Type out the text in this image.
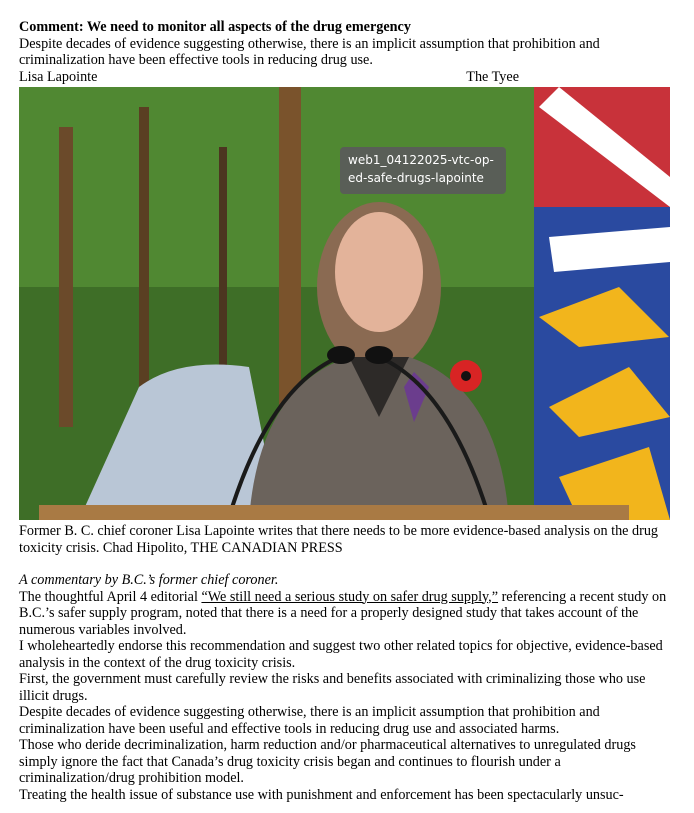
Comment: We need to monitor all aspects of the drug emergency

Despite decades of evidence suggesting otherwise, there is an implicit assumption that prohibition and criminalization have been effective tools in reducing drug use.

Lisa Lapointe	The Tyee
web1_04122025-vtc-op-ed-safe-drugs-lapointe

Former B. C. chief coroner Lisa Lapointe writes that there needs to be more evidence-based analysis on the drug toxicity crisis. Chad Hipolito, THE CANADIAN PRESS

A commentary by B.C.’s former chief coroner.

The thoughtful April 4 editorial “We still need a serious study on safer drug supply,” referencing a recent study on B.C.’s safer supply program, noted that there is a need for a properly designed study that takes account of the numerous variables involved.

I wholeheartedly endorse this recommendation and suggest two other related topics for objective, evidence-based analysis in the context of the drug toxicity crisis.

First, the government must carefully review the risks and benefits associated with criminalizing those who use illicit drugs.

Despite decades of evidence suggesting otherwise, there is an implicit assumption that prohibition and criminalization have been useful and effective tools in reducing drug use and associated harms.

Those who deride decriminalization, harm reduction and/or pharmaceutical alternatives to unregulated drugs simply ignore the fact that Canada’s drug toxicity crisis began and continues to flourish under a criminalization/drug prohibition model.

Treating the health issue of substance use with punishment and enforcement has been spectacularly unsuc-
